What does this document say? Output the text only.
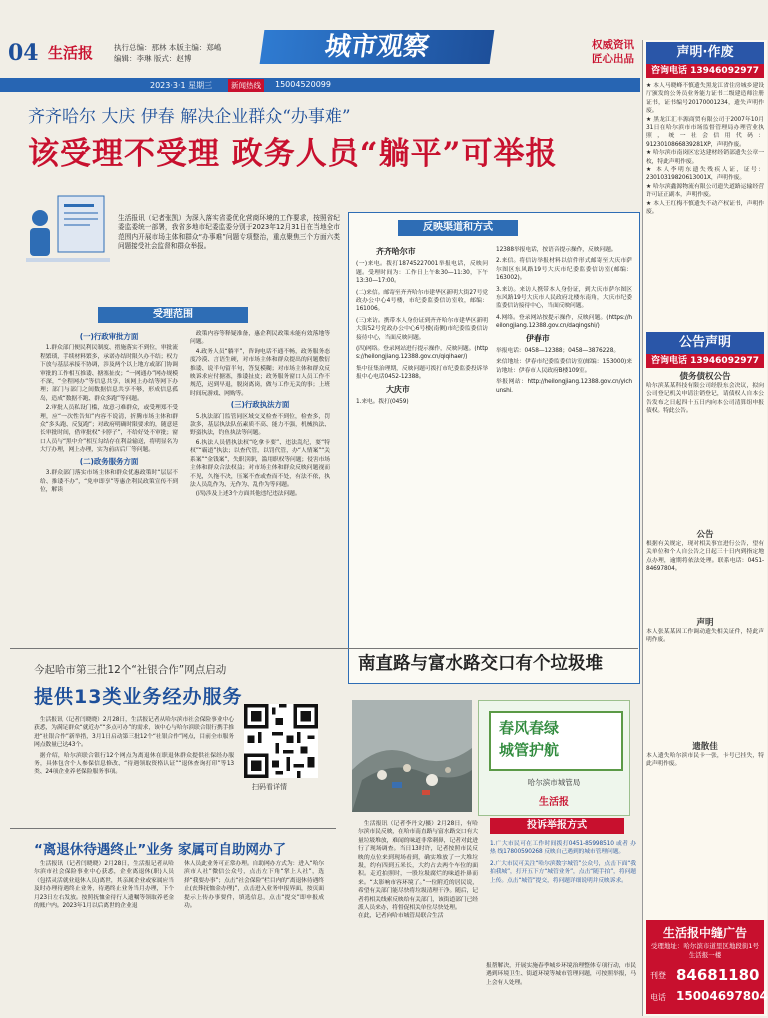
04 生活报	执行总编：那林 本版主编：郑嶋
编辑：李琳 版式：赵博	城市观察	权威资讯
匠心出品
2023·3·1 星期三	新闻热线	15004520099
齐齐哈尔 大庆 伊春 解决企业群众“办事难”
该受理不受理 政务人员“躺平”可举报
生活报讯（记者张凯）为深入落实省委优化营商环境的工作要求，按照省纪委监委统一部署，我省多地市纪委监委分别于2023年12月31日在当地全市范围内开展市场主体和群众“办事难”问题专项整治，重点聚焦三个方面六类问题接受社会监督和群众举报。
受理范围

(一)行政审批方面

1.群众部门便民利民制度、措施落实不到位，审批流程繁琐，手续材料繁多，承诺办结时限久办不结；权力下放与基层承接不协调，涉及两个以上地方或部门协调审批的工作相互推诿、搪塞扯皮；“一网通办”网办规模不深，“全程网办”等信息共享，该网上办结等网下办理；部门与部门之间数据信息共享不够，形成信息孤岛，造成“数据不跑、群众多跑”等问题。

2.审批人员私设门槛，故意刁难群众，或受理郑不受理，应“一次性告知”内容不说清，折腾市场主体和群众“多头跑、反复跑”；对政府明确时限要求的，随意延长审批时间，借审批权“卡脖子”，不给好处不审批；窗口人员与“黑中介”相互勾结存在利益输送，将明显名为大厅办理，网上办理，实为前店后厂等问题。

(二)政务服务方面

3.群众部门落实市场主体和群众优惠政策时“层层不给、推诿不办”，“免申即享”等惠企利民政策宣传不到位，解读

政策内容等释疑准备，惠企利民政策未能有效落地等问题。

4.政务人员“躺平”，咨询电话不通不畅，政务服务态度冷漠、言语生硬，对市场主体和群众提出的问题敷衍推诿、说半句留半句，答复模糊；对市场主体和群众反映诉求应付搪塞，推诿扯皮；政务服务窗口人员工作不规范，迟到早退，脱岗离岗，做与工作无关的事；上班时间玩游戏、网购等。

(三)行政执法方面

5.执法部门监管同区域交叉检查不到位，检查多，罚款多，基层执法队伍素质不高、能力不强，机械执法、野蛮执法，钓鱼执法等问题。

6.执法人员借执法权“吃拿卡要”、违法乱纪，耍“特权”“霸道”执法；以查代管，以罚代管，办“人情案”“关系案”“金钱案”，失职渎职，滥用职权等问题；侵害市场主体和群众合法权益；对市场主体和群众反映问题视而不见，久拖不决，压案不查或查而不处，有法不依，执法人员乱作为、无作为、乱作为等问题。

(四)涉及上述3个方面其他违纪违法问题。

反映渠道和方式
齐齐哈尔市
(一)来电。拨打18745227001举报电话，反映问题。受理时间为：工作日上午8:30—11:30，下午13:30—17:00。
(二)来信。邮寄至齐齐哈尔市建华区新明大街27号党政办公中心4号楼，市纪委监委信访室收，邮编：161006。
(三)来访。携带本人身份证到齐齐哈尔市建华区新明大街52号党政办公中心6号楼(南侧)市纪委监委信访接待中心，当面反映问题。
(四)网络。登录网站进行提示操作，反映问题。(https://heilongjiang.12388.gov.cn/qiqihaer/)
集中征集治理期，反映问题可拨打市纪委监委投诉举报中心电话0452-12388。
大庆市
1.来电。拨打(0459)
12388举报电话，按语音提示操作，反映问题。
2.来信。将信访举报材料以信件形式邮寄至大庆市萨尔图区东风路19号大庆市纪委监委信访室(邮编：163002)。
3.来访。来访人携带本人身份证，到大庆市萨尔图区东风路19号大庆市人民政府北楼东南角，大庆市纪委监委信访接待中心，当面反映问题。
4.网络。登录网站按提示操作，反映问题。(https://heilongjiang.12388.gov.cn/daqingshi/)
伊春市
举报电话：0458—12388；0458—3876228。
来信地址：伊春市纪委监委信访室(邮编：153000)来访地址：伊春市人民政府B楼109室。
举报网站：http://heilongjiang.12388.gov.cn/yichunshi.
今起哈市第三批12个“社银合作”网点启动
提供13类业务经办服务

生活报讯（记者闫晓晓）2月28日，生活报记者从哈尔滨市社会保险事业中心获悉，为满足群众“就近办”“多点可办”的需求，该中心与哈尔滨联合银行携手推进“社银合作”新举措，3月1日启动第三批12个“社银合作”网点，目前全市服务网点数量已达43个。

据介绍，哈尔滨联合银行12个网点为离退休在职退休群众提供社保经办服务，具体包含个人参保信息修改、“待遇领取资格认证”“退休查询打印”等13类、24项企业养老保险服务事项。

扫码看详情
“离退休待遇终止”业务 家属可自助网办了
生活报讯（记者闫晓晓）2月28日，生活报记者从哈尔滨市社会保险事业中心获悉，企业离退休(职)人员（包括灵活就业退休人员)离世，其亲属企业或家属应当及时办理待遇终止业务，待遇终止业务当月办理，下个月23日左右发放。按照抚恤金待行人遗嘱等领取养老金的账户内。2023年1月以后离世的企业退
休人员此业务可正常办理。自助网办方式为：进入“哈尔滨市人社”微信公众号，点击左下角“掌上人社”，选择“我要办事”；点击“社会保险”栏目内的“离退休待遇终止(丧葬抚恤金办理)”，点击进入业务申报界面，按页面提示上传办事要件，填选信息，点击“提交”即申报成功。
南直路与富水路交口有个垃圾堆
春风春绿
城管护航
哈尔滨市城管局
生活报
生活报讯（记者李丹文/摄）2月28日，有哈尔滨市民反映，在哈市南直路与富水路交口有大量垃圾堆放，难闻的味道非常刺鼻，记者对此进行了现场调查。当日13时许，记者按照市民反映的点位来到现场看到，确实堆放了一大堆垃圾，约有四到五米长，大约占去两个车位的面积。走近拍照时，一股垃圾腐烂的味道扑鼻而来。“太影响市容环境了。”一位附近的居民说，希望有关部门能尽快将垃圾清理干净。随后，记者将相关线索反映给有关部门，该街道部门已经派人员来办，将督促相关单位尽快处理。
在此，记者向哈市城管局联合生活
投诉举报方式
1.广大市民可在工作时间拨打0451-85998510 或者 办 热 线17800590268 反映自己遇到的城市管理问题。
2.广大市民可关注“哈尔滨数字城管”公众号，点击下面“我拍我城”，打开五下方“城管业务”，点击“随手拍”，将问题上传。点击“城管”提交，将问题详细说明并反映诉求。
报帮解决，开展实施春季城乡环境治理整体专项行动，市民遇到环境卫生、街道环境等城市管理问题，可按照举报，马上会有人处理。
声明·作废
咨询电话 13946092977
★ 本人马晓峰不慎遗失黑龙江省住房城乡建设厅颁发的公务员业务能力证书二级建造师注册证书，证书编号20170001234，遗失声明作废。
★ 黑龙江汇丰源商贸有限公司于2007年10月31日在哈尔滨市市场监督管理局办理营业执照，统一社会信用代码：9123010866839281XP，声明作废。
★ 哈尔滨市南岗区宏达建材经销部遗失公章一枚，特此声明作废。
★ 本人李明东遗失残疾人证，证号：23010319820613001X，声明作废。
★ 哈尔滨鑫源物流有限公司遗失道路运输经营许可证正副本，声明作废。
★ 本人王红梅不慎遗失不动产权证书，声明作废。
公告声明
咨询电话 13946092977
债务债权公告
哈尔滨某某科技有限公司经股东会决议，拟向公司登记机关申请注销登记，请债权人自本公告发布之日起四十五日内向本公司清算组申报债权。特此公告。
公告
根据有关规定，现对相关事宜进行公告，望有关单位和个人自公告之日起三十日内到指定地点办理，逾期将依法处理。联系电话：0451-84697804。
声明
本人张某某因工作调动遗失相关证件，特此声明作废。
遗散佳
本人遗失哈尔滨市民卡一张，卡号已挂失，特此声明作废。
生活报中缝广告
受理地址：哈尔滨市道里区地段街1号生活报一楼
刊登 84681180
电话 15004697804
